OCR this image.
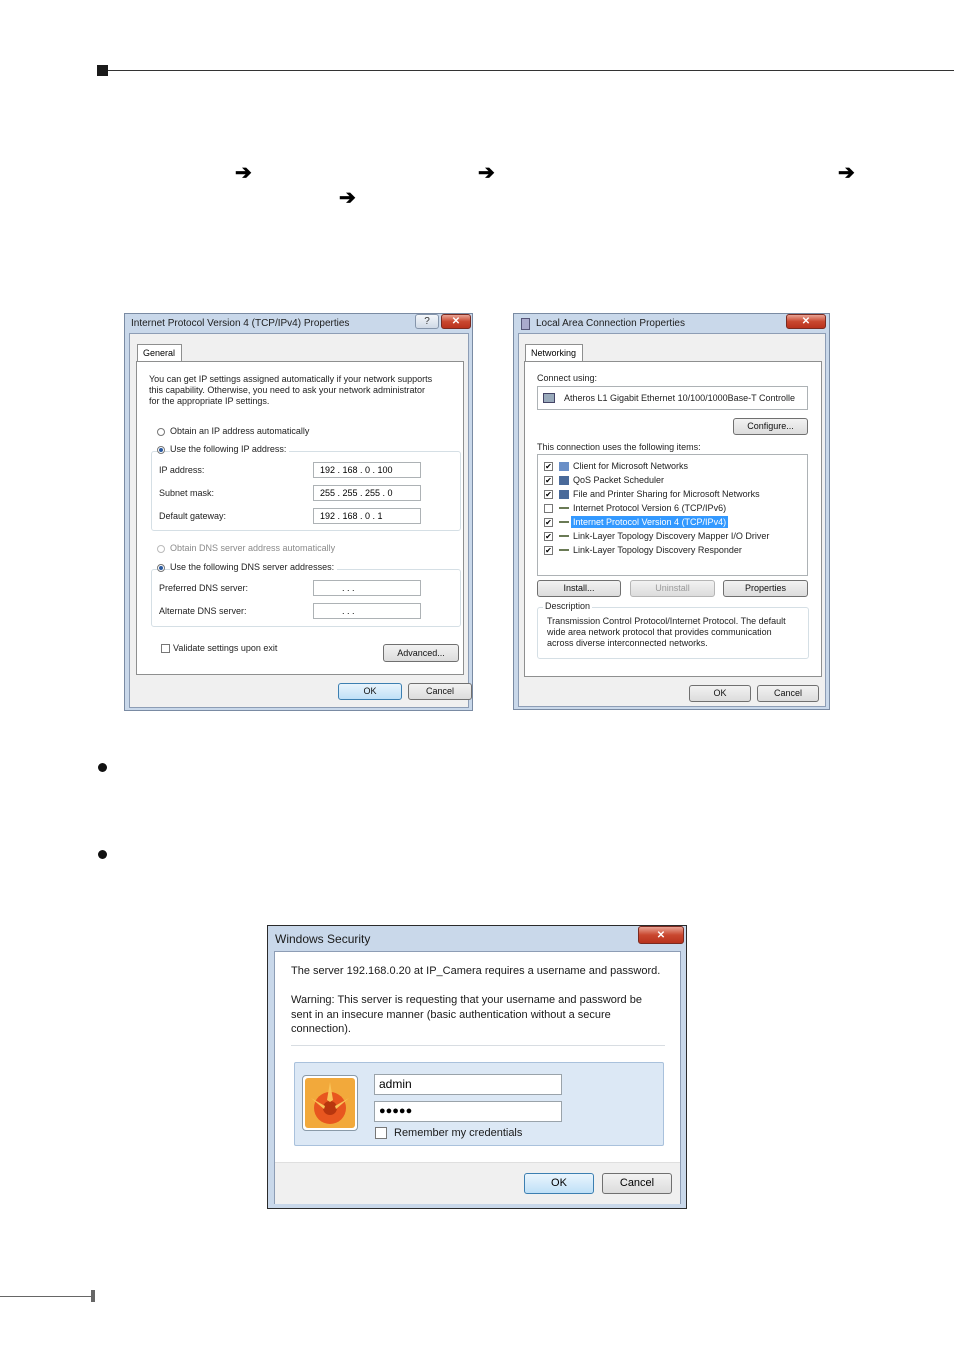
➔	➔	➔
➔
Internet Protocol Version 4 (TCP/IPv4) Properties	?	✕
General
You can get IP settings assigned automatically if your network supports
this capability. Otherwise, you need to ask your network administrator
for the appropriate IP settings.
Obtain an IP address automatically
Use the following IP address:
IP address:	192 . 168 . 0 . 100
Subnet mask:	255 . 255 . 255 . 0
Default gateway:	192 . 168 . 0 . 1
Obtain DNS server address automatically
Use the following DNS server addresses:
Preferred DNS server:	. . .
Alternate DNS server:	. . .
Validate settings upon exit	Advanced...
OK	Cancel
Local Area Connection Properties	✕
Networking
Connect using:
Atheros L1 Gigabit Ethernet 10/100/1000Base-T Controlle
Configure...
This connection uses the following items:
✔ Client for Microsoft Networks
✔ QoS Packet Scheduler
✔ File and Printer Sharing for Microsoft Networks
Internet Protocol Version 6 (TCP/IPv6)
✔ Internet Protocol Version 4 (TCP/IPv4)
✔ Link-Layer Topology Discovery Mapper I/O Driver
✔ Link-Layer Topology Discovery Responder
Install...	Uninstall	Properties
Description
Transmission Control Protocol/Internet Protocol. The default
wide area network protocol that provides communication
across diverse interconnected networks.
OK	Cancel
Windows Security	✕
The server 192.168.0.20 at IP_Camera requires a username and password.
Warning: This server is requesting that your username and password be
sent in an insecure manner (basic authentication without a secure
connection).
admin
●●●●●
Remember my credentials
OK	Cancel
